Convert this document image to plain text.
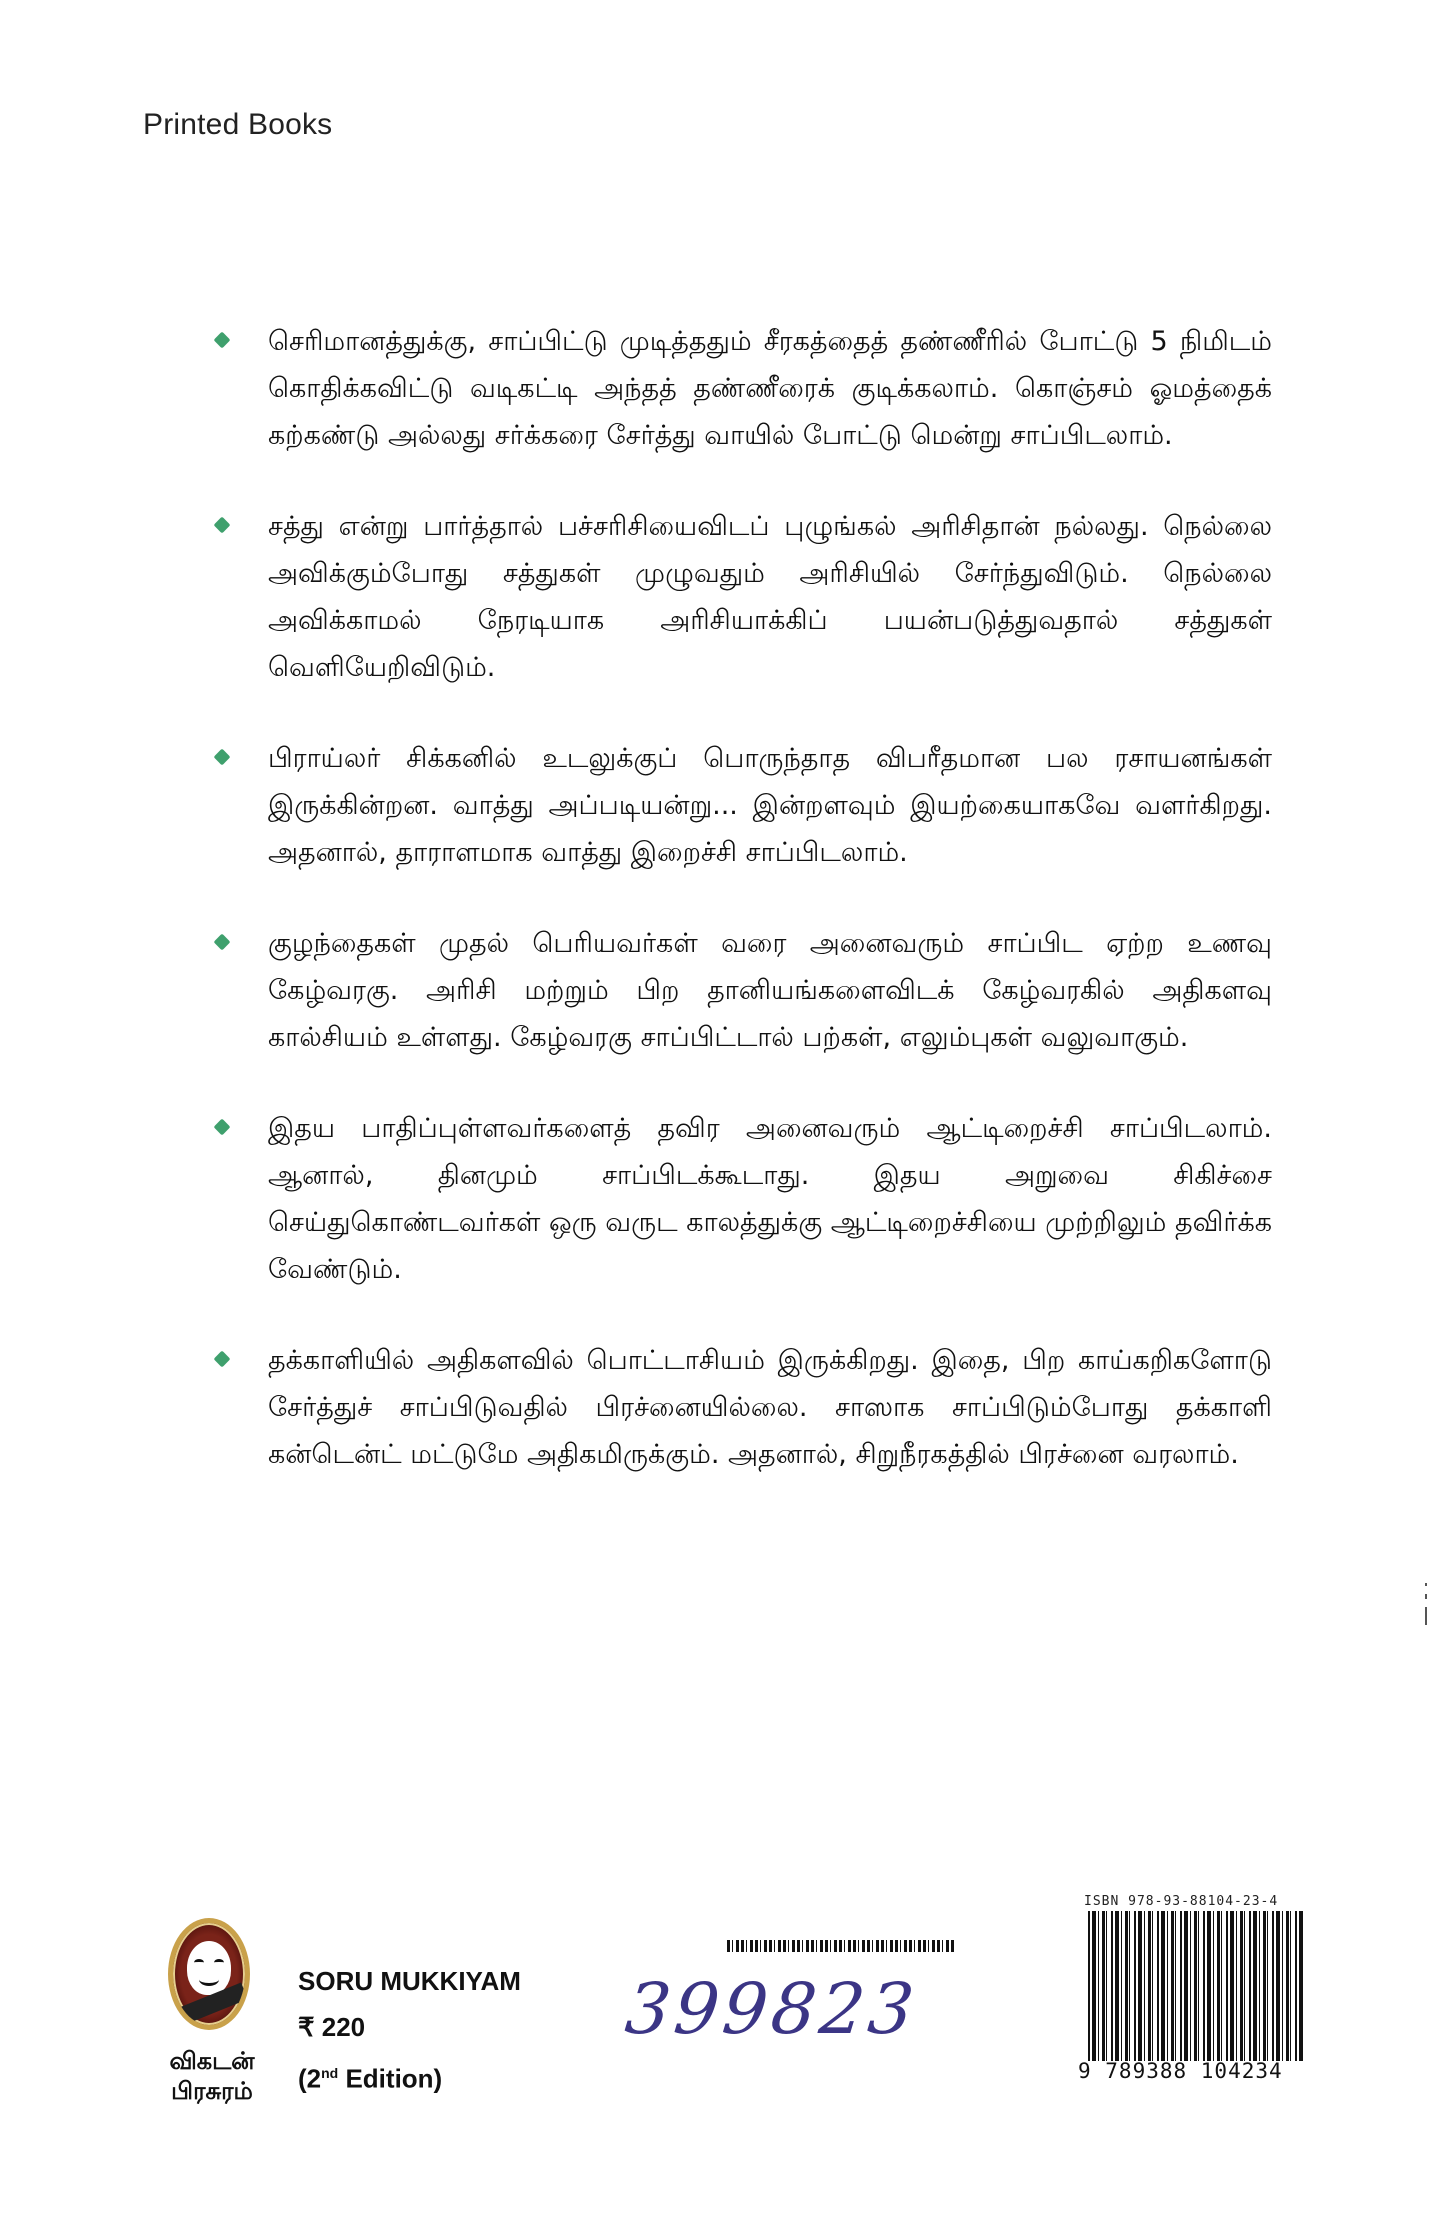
Printed Books
செரிமானத்துக்கு, சாப்பிட்டு முடித்ததும் சீரகத்தைத் தண்ணீரில் போட்டு 5 நிமிடம் கொதிக்கவிட்டு வடிகட்டி அந்தத் தண்ணீரைக் குடிக்கலாம். கொஞ்சம் ஓமத்தைக் கற்கண்டு அல்லது சர்க்கரை சேர்த்து வாயில் போட்டு மென்று சாப்பிடலாம்.
சத்து என்று பார்த்தால் பச்சரிசியைவிடப் புழுங்கல் அரிசிதான் நல்லது. நெல்லை அவிக்கும்போது சத்துகள் முழுவதும் அரிசியில் சேர்ந்துவிடும். நெல்லை அவிக்காமல் நேரடியாக அரிசியாக்கிப் பயன்படுத்துவதால் சத்துகள் வெளியேறிவிடும்.
பிராய்லர் சிக்கனில் உடலுக்குப் பொருந்தாத விபரீதமான பல ரசாயனங்கள் இருக்கின்றன. வாத்து அப்படியன்று... இன்றளவும் இயற்கையாகவே வளர்கிறது. அதனால், தாராளமாக வாத்து இறைச்சி சாப்பிடலாம்.
குழந்தைகள் முதல் பெரியவர்கள் வரை அனைவரும் சாப்பிட ஏற்ற உணவு கேழ்வரகு. அரிசி மற்றும் பிற தானியங்களைவிடக் கேழ்வரகில் அதிகளவு கால்சியம் உள்ளது. கேழ்வரகு சாப்பிட்டால் பற்கள், எலும்புகள் வலுவாகும்.
இதய பாதிப்புள்ளவர்களைத் தவிர அனைவரும் ஆட்டிறைச்சி சாப்பிடலாம். ஆனால், தினமும் சாப்பிடக்கூடாது. இதய அறுவை சிகிச்சை செய்துகொண்டவர்கள் ஒரு வருட காலத்துக்கு ஆட்டிறைச்சியை முற்றிலும் தவிர்க்க வேண்டும்.
தக்காளியில் அதிகளவில் பொட்டாசியம் இருக்கிறது. இதை, பிற காய்கறிகளோடு சேர்த்துச் சாப்பிடுவதில் பிரச்னையில்லை. சாஸாக சாப்பிடும்போது தக்காளி கன்டென்ட் மட்டுமே அதிகமிருக்கும். அதனால், சிறுநீரகத்தில் பிரச்னை வரலாம்.
விகடன்
பிரசுரம்
SORU MUKKIYAM
₹ 220
(2nd Edition)
399823
ISBN 978-93-88104-23-4
9 789388 104234
